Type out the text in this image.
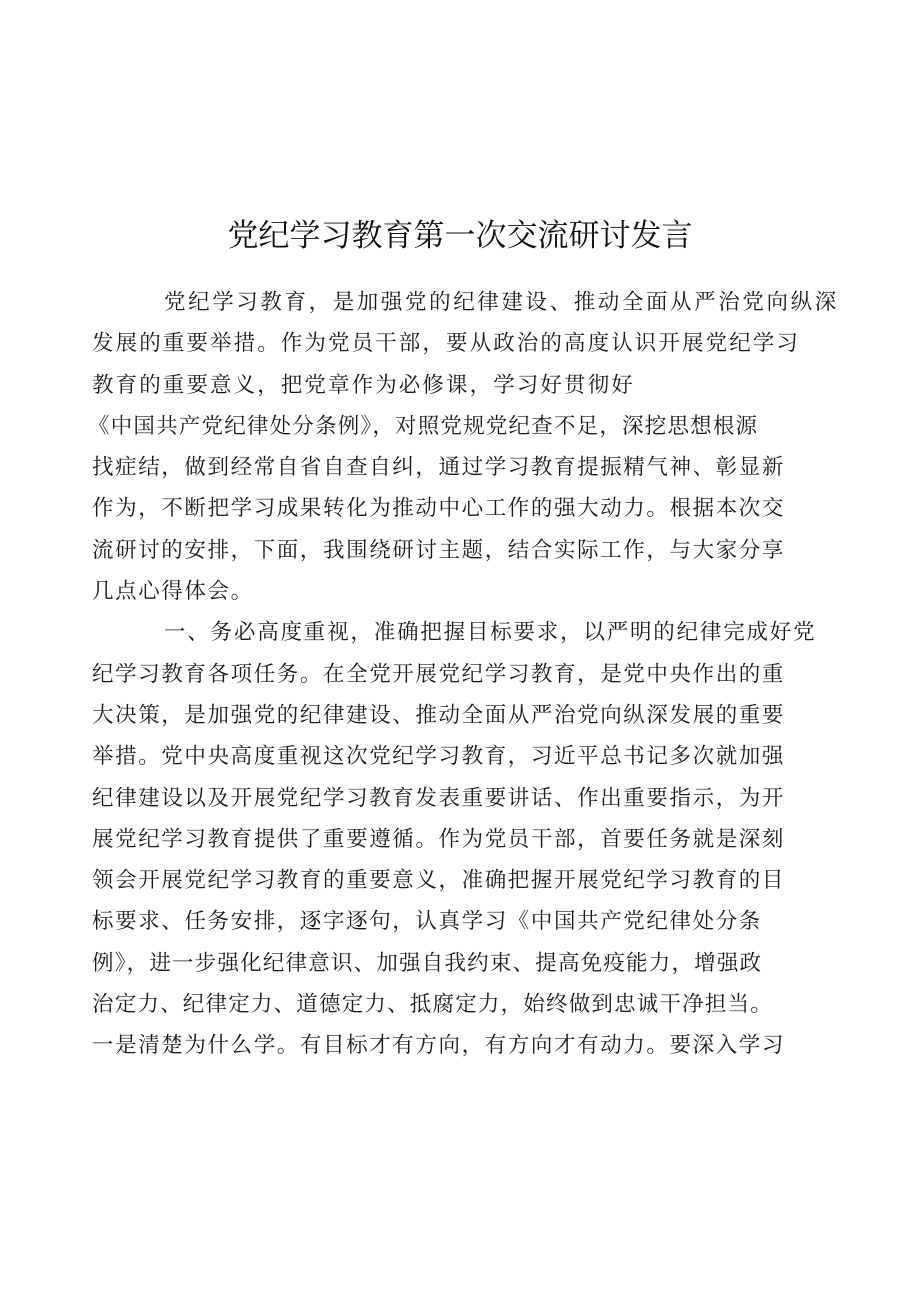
党纪学习教育第一次交流研讨发言
党纪学习教育，是加强党的纪律建设、推动全面从严治党向纵深
发展的重要举措。作为党员干部，要从政治的高度认识开展党纪学习
教育的重要意义，把党章作为必修课，学习好贯彻好
《中国共产党纪律处分条例》，对照党规党纪查不足，深挖思想根源
找症结，做到经常自省自查自纠，通过学习教育提振精气神、彰显新
作为，不断把学习成果转化为推动中心工作的强大动力。根据本次交
流研讨的安排，下面，我围绕研讨主题，结合实际工作，与大家分享
几点心得体会。
一、务必高度重视，准确把握目标要求，以严明的纪律完成好党
纪学习教育各项任务。在全党开展党纪学习教育，是党中央作出的重
大决策，是加强党的纪律建设、推动全面从严治党向纵深发展的重要
举措。党中央高度重视这次党纪学习教育，习近平总书记多次就加强
纪律建设以及开展党纪学习教育发表重要讲话、作出重要指示，为开
展党纪学习教育提供了重要遵循。作为党员干部，首要任务就是深刻
领会开展党纪学习教育的重要意义，准确把握开展党纪学习教育的目
标要求、任务安排，逐字逐句，认真学习《中国共产党纪律处分条
例》，进一步强化纪律意识、加强自我约束、提高免疫能力，增强政
治定力、纪律定力、道德定力、抵腐定力，始终做到忠诚干净担当。
一是清楚为什么学。有目标才有方向，有方向才有动力。要深入学习
